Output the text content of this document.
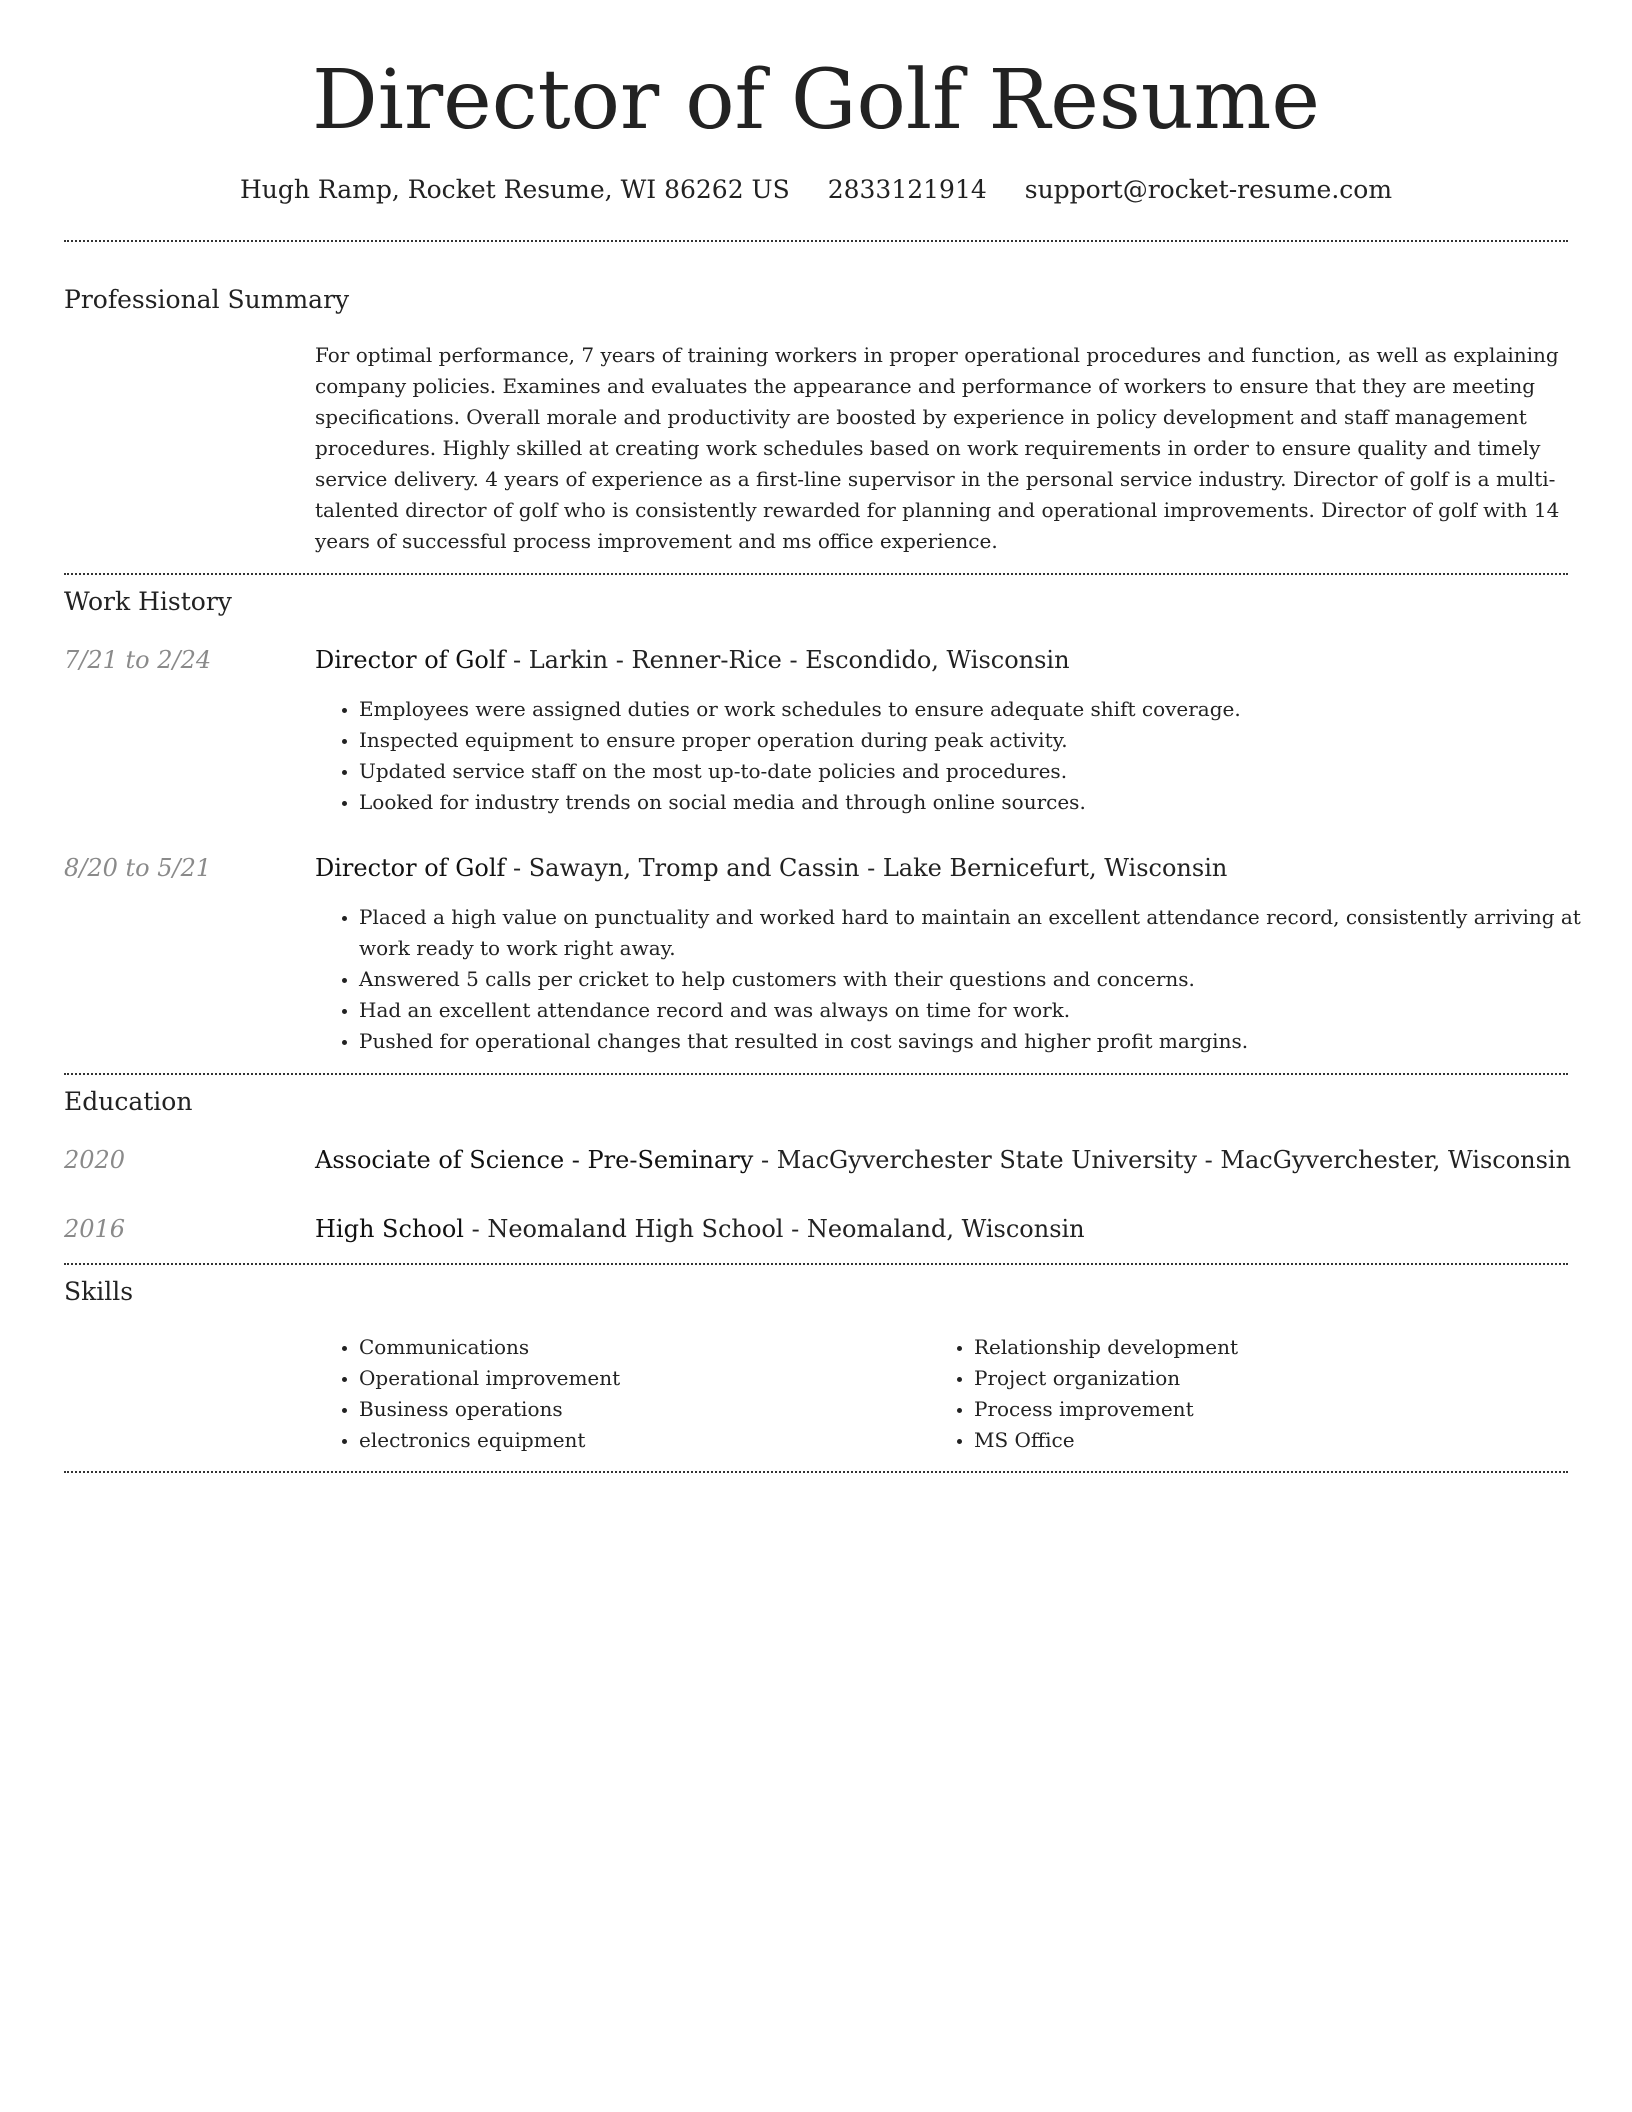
Director of Golf Resume
Hugh Ramp, Rocket Resume, WI 86262 US 2833121914 support@rocket-resume.com
Professional Summary
For optimal performance, 7 years of training workers in proper operational procedures and function, as well as explaining company policies. Examines and evaluates the appearance and performance of workers to ensure that they are meeting specifications. Overall morale and productivity are boosted by experience in policy development and staff management procedures. Highly skilled at creating work schedules based on work requirements in order to ensure quality and timely service delivery. 4 years of experience as a first-line supervisor in the personal service industry. Director of golf is a multi-talented director of golf who is consistently rewarded for planning and operational improvements. Director of golf with 14 years of successful process improvement and ms office experience.
Work History
7/21 to 2/24	Director of Golf - Larkin - Renner-Rice - Escondido, Wisconsin
• Employees were assigned duties or work schedules to ensure adequate shift coverage.
• Inspected equipment to ensure proper operation during peak activity.
• Updated service staff on the most up-to-date policies and procedures.
• Looked for industry trends on social media and through online sources.
8/20 to 5/21	Director of Golf - Sawayn, Tromp and Cassin - Lake Bernicefurt, Wisconsin
• Placed a high value on punctuality and worked hard to maintain an excellent attendance record, consistently arriving at work ready to work right away.
• Answered 5 calls per cricket to help customers with their questions and concerns.
• Had an excellent attendance record and was always on time for work.
• Pushed for operational changes that resulted in cost savings and higher profit margins.
Education
2020	Associate of Science - Pre-Seminary - MacGyverchester State University - MacGyverchester, Wisconsin
2016	High School - Neomaland High School - Neomaland, Wisconsin
Skills
• Communications
• Operational improvement
• Business operations
• electronics equipment
• Relationship development
• Project organization
• Process improvement
• MS Office
